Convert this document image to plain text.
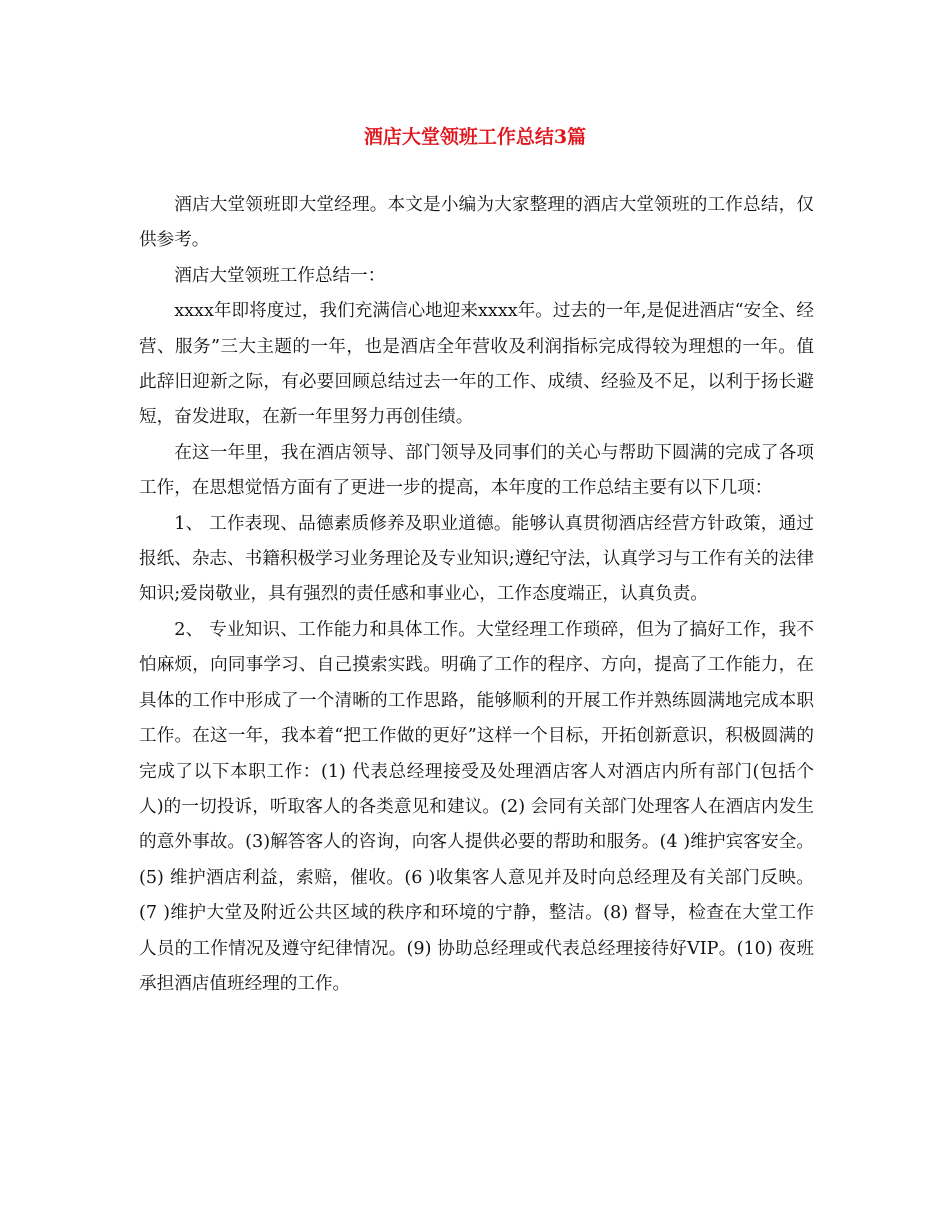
酒店大堂领班工作总结3篇

酒店大堂领班即大堂经理。本文是小编为大家整理的酒店大堂领班的工作总结，仅供参考。

酒店大堂领班工作总结一：

xxxx年即将度过，我们充满信心地迎来xxxx年。过去的一年,是促进酒店“安全、经营、服务”三大主题的一年，也是酒店全年营收及利润指标完成得较为理想的一年。值此辞旧迎新之际，有必要回顾总结过去一年的工作、成绩、经验及不足，以利于扬长避短，奋发进取，在新一年里努力再创佳绩。

在这一年里，我在酒店领导、部门领导及同事们的关心与帮助下圆满的完成了各项工作，在思想觉悟方面有了更进一步的提高，本年度的工作总结主要有以下几项：

1、 工作表现、品德素质修养及职业道德。能够认真贯彻酒店经营方针政策，通过报纸、杂志、书籍积极学习业务理论及专业知识;遵纪守法，认真学习与工作有关的法律知识;爱岗敬业，具有强烈的责任感和事业心，工作态度端正，认真负责。

2、 专业知识、工作能力和具体工作。大堂经理工作琐碎，但为了搞好工作，我不怕麻烦，向同事学习、自己摸索实践。明确了工作的程序、方向，提高了工作能力，在具体的工作中形成了一个清晰的工作思路，能够顺利的开展工作并熟练圆满地完成本职工作。在这一年，我本着“把工作做的更好”这样一个目标，开拓创新意识，积极圆满的完成了以下本职工作：(1) 代表总经理接受及处理酒店客人对酒店内所有部门(包括个人)的一切投诉，听取客人的各类意见和建议。(2) 会同有关部门处理客人在酒店内发生的意外事故。(3)解答客人的咨询，向客人提供必要的帮助和服务。(4 )维护宾客安全。(5) 维护酒店利益，索赔，催收。(6 )收集客人意见并及时向总经理及有关部门反映。(7 )维护大堂及附近公共区域的秩序和环境的宁静，整洁。(8) 督导，检查在大堂工作人员的工作情况及遵守纪律情况。(9) 协助总经理或代表总经理接待好VIP。(10) 夜班承担酒店值班经理的工作。
